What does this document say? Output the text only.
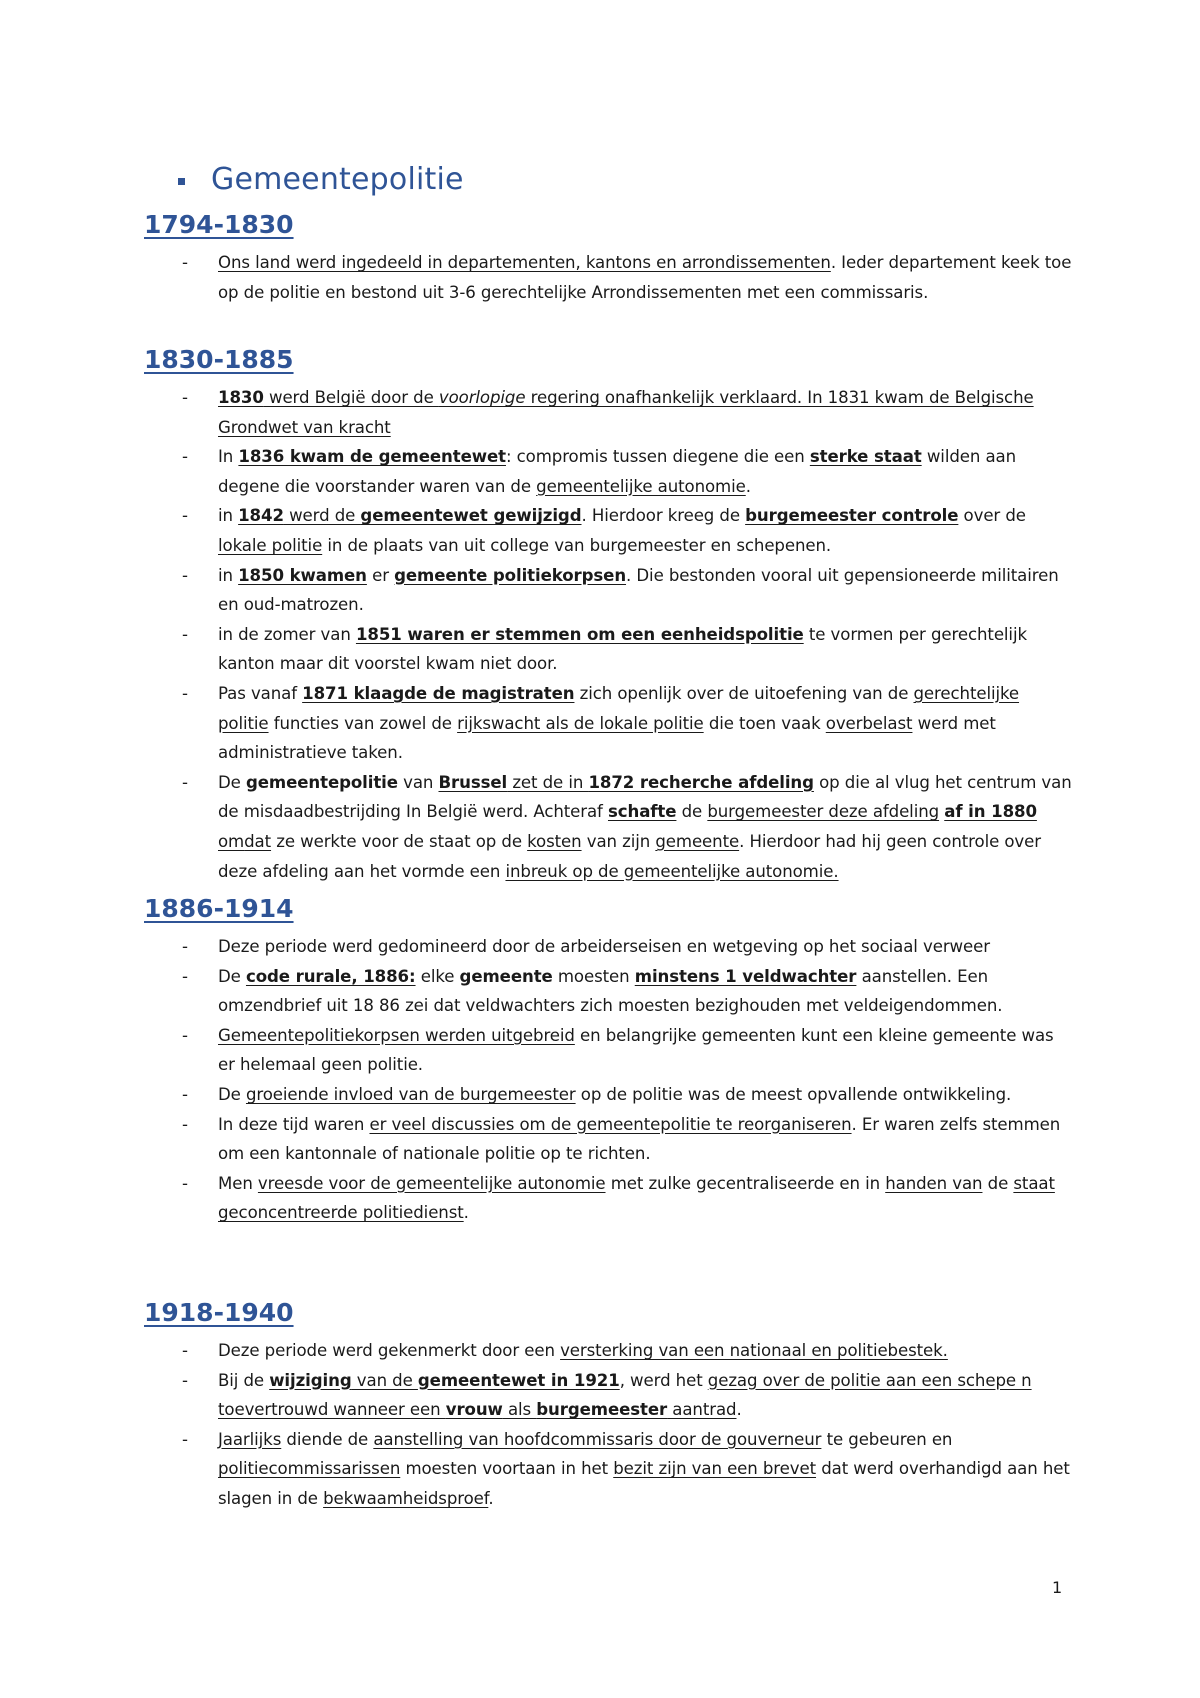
Gemeentepolitie
1794-1830
- Ons land werd ingedeeld in departementen, kantons en arrondissementen. Ieder departement keek toe op de politie en bestond uit 3-6 gerechtelijke Arrondissementen met een commissaris.
1830-1885
- 1830 werd België door de voorlopige regering onafhankelijk verklaard. In 1831 kwam de Belgische Grondwet van kracht
- In 1836 kwam de gemeentewet: compromis tussen diegene die een sterke staat wilden aan degene die voorstander waren van de gemeentelijke autonomie.
- in 1842 werd de gemeentewet gewijzigd. Hierdoor kreeg de burgemeester controle over de lokale politie in de plaats van uit college van burgemeester en schepenen.
- in 1850 kwamen er gemeente politiekorpsen. Die bestonden vooral uit gepensioneerde militairen en oud-matrozen.
- in de zomer van 1851 waren er stemmen om een eenheidspolitie te vormen per gerechtelijk kanton maar dit voorstel kwam niet door.
- Pas vanaf 1871 klaagde de magistraten zich openlijk over de uitoefening van de gerechtelijke politie functies van zowel de rijkswacht als de lokale politie die toen vaak overbelast werd met administratieve taken.
- De gemeentepolitie van Brussel zet de in 1872 recherche afdeling op die al vlug het centrum van de misdaadbestrijding In België werd. Achteraf schafte de burgemeester deze afdeling af in 1880 omdat ze werkte voor de staat op de kosten van zijn gemeente. Hierdoor had hij geen controle over deze afdeling aan het vormde een inbreuk op de gemeentelijke autonomie.
1886-1914
- Deze periode werd gedomineerd door de arbeiderseisen en wetgeving op het sociaal verweer
- De code rurale, 1886: elke gemeente moesten minstens 1 veldwachter aanstellen. Een omzendbrief uit 18 86 zei dat veldwachters zich moesten bezighouden met veldeigendommen.
- Gemeentepolitiekorpsen werden uitgebreid en belangrijke gemeenten kunt een kleine gemeente was er helemaal geen politie.
- De groeiende invloed van de burgemeester op de politie was de meest opvallende ontwikkeling.
- In deze tijd waren er veel discussies om de gemeentepolitie te reorganiseren. Er waren zelfs stemmen om een kantonnale of nationale politie op te richten.
- Men vreesde voor de gemeentelijke autonomie met zulke gecentraliseerde en in handen van de staat geconcentreerde politiedienst.
1918-1940
- Deze periode werd gekenmerkt door een versterking van een nationaal en politiebestek.
- Bij de wijziging van de gemeentewet in 1921, werd het gezag over de politie aan een schepe n toevertrouwd wanneer een vrouw als burgemeester aantrad.
- Jaarlijks diende de aanstelling van hoofdcommissaris door de gouverneur te gebeuren en politiecommissarissen moesten voortaan in het bezit zijn van een brevet dat werd overhandigd aan het slagen in de bekwaamheidsproef.
1
